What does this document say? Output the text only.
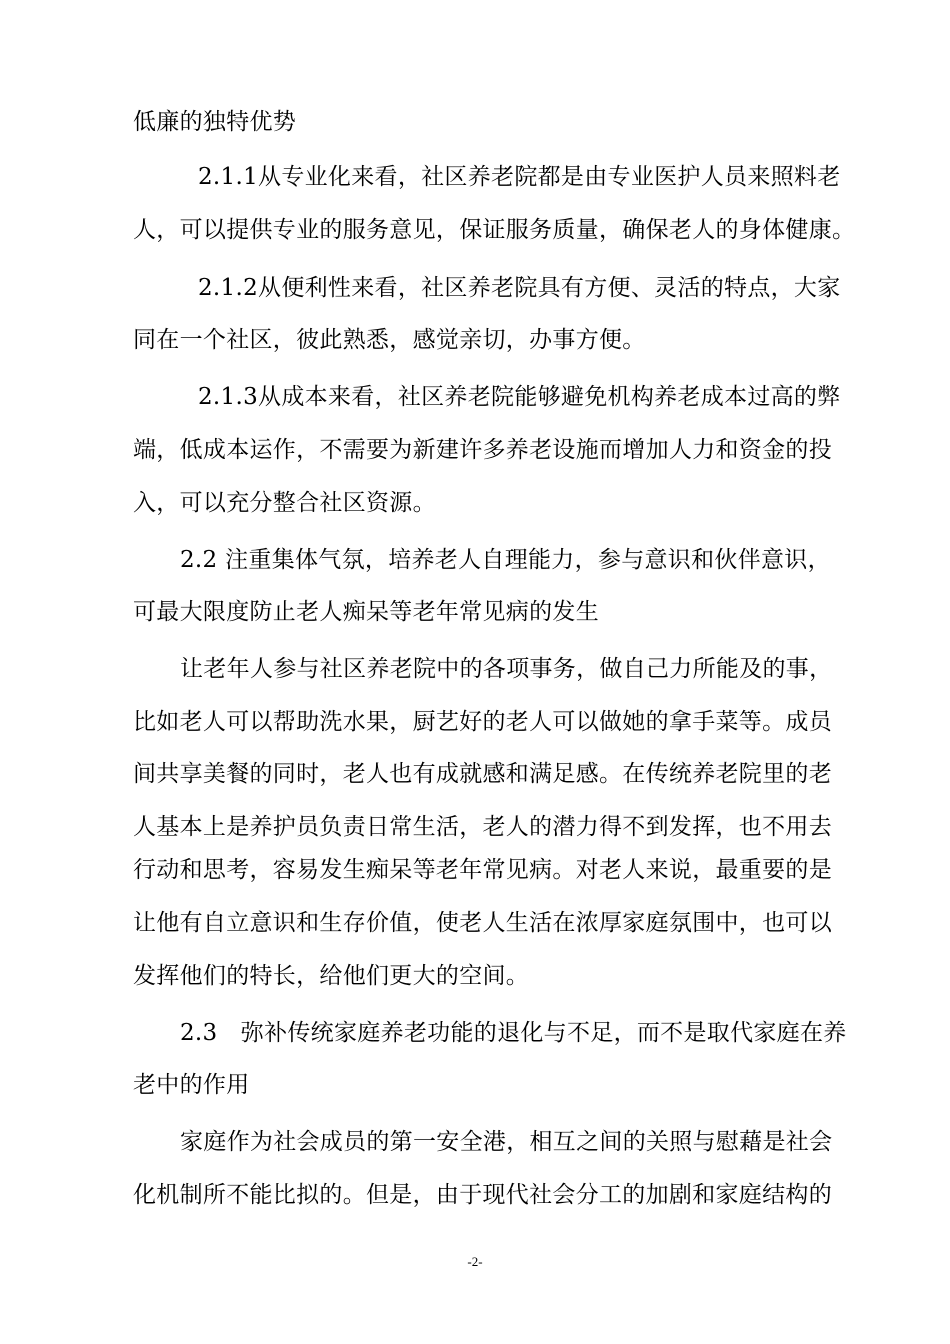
低廉的独特优势
2.1.1从专业化来看，社区养老院都是由专业医护人员来照料老
人，可以提供专业的服务意见，保证服务质量，确保老人的身体健康。
2.1.2从便利性来看，社区养老院具有方便、灵活的特点，大家
同在一个社区，彼此熟悉，感觉亲切，办事方便。
2.1.3从成本来看，社区养老院能够避免机构养老成本过高的弊
端，低成本运作，不需要为新建许多养老设施而增加人力和资金的投
入，可以充分整合社区资源。
2.2 注重集体气氛，培养老人自理能力，参与意识和伙伴意识，
可最大限度防止老人痴呆等老年常见病的发生
让老年人参与社区养老院中的各项事务，做自己力所能及的事，
比如老人可以帮助洗水果，厨艺好的老人可以做她的拿手菜等。成员
间共享美餐的同时，老人也有成就感和满足感。在传统养老院里的老
人基本上是养护员负责日常生活，老人的潜力得不到发挥，也不用去
行动和思考，容易发生痴呆等老年常见病。对老人来说，最重要的是
让他有自立意识和生存价值，使老人生活在浓厚家庭氛围中，也可以
发挥他们的特长，给他们更大的空间。
2.3　弥补传统家庭养老功能的退化与不足，而不是取代家庭在养
老中的作用
家庭作为社会成员的第一安全港，相互之间的关照与慰藉是社会
化机制所不能比拟的。但是，由于现代社会分工的加剧和家庭结构的
-2-
